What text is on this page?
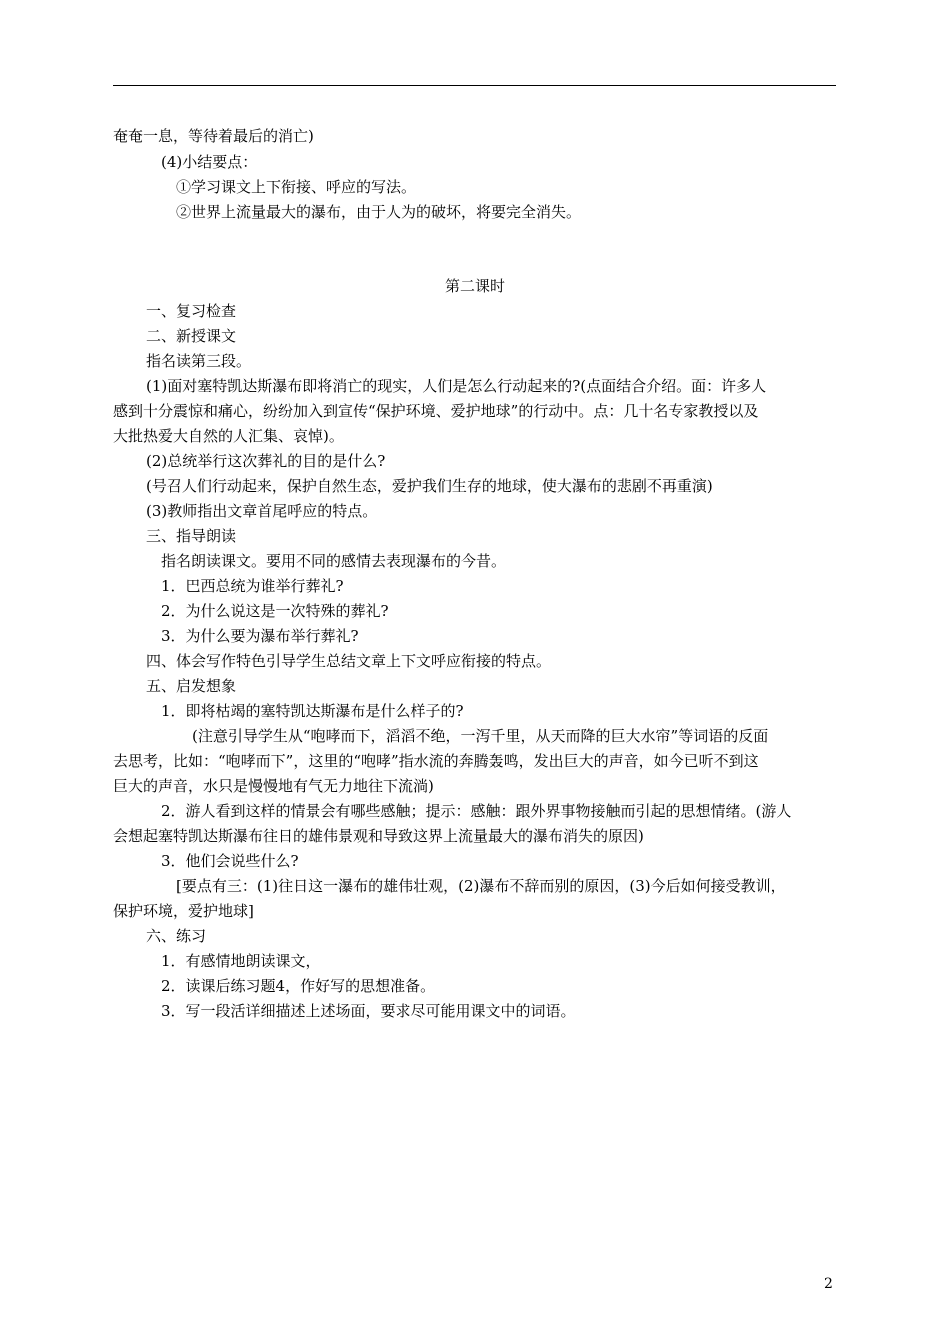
奄奄一息，等待着最后的消亡)
(4)小结要点：
①学习课文上下衔接、呼应的写法。
②世界上流量最大的瀑布，由于人为的破坏，将要完全消失。
第二课时
一、复习检查
二、新授课文
指名读第三段。
(1)面对塞特凯达斯瀑布即将消亡的现实，人们是怎么行动起来的?(点面结合介绍。面：许多人
感到十分震惊和痛心，纷纷加入到宣传“保护环境、爱护地球”的行动中。点：几十名专家教授以及
大批热爱大自然的人汇集、哀悼)。
(2)总统举行这次葬礼的目的是什么?
(号召人们行动起来，保护自然生态，爱护我们生存的地球，使大瀑布的悲剧不再重演)
(3)教师指出文章首尾呼应的特点。
三、指导朗读
指名朗读课文。要用不同的感情去表现瀑布的今昔。
1．巴西总统为谁举行葬礼?
2．为什么说这是一次特殊的葬礼?
3．为什么要为瀑布举行葬礼?
四、体会写作特色引导学生总结文章上下文呼应衔接的特点。
五、启发想象
1．即将枯竭的塞特凯达斯瀑布是什么样子的?
(注意引导学生从“咆哮而下，滔滔不绝，一泻千里，从天而降的巨大水帘”等词语的反面
去思考，比如：“咆哮而下”，这里的“咆哮”指水流的奔腾轰鸣，发出巨大的声音，如今已听不到这
巨大的声音，水只是慢慢地有气无力地往下流淌)
2．游人看到这样的情景会有哪些感触；提示：感触：跟外界事物接触而引起的思想情绪。(游人
会想起塞特凯达斯瀑布往日的雄伟景观和导致这界上流量最大的瀑布消失的原因)
3．他们会说些什么?
[要点有三：(1)往日这一瀑布的雄伟壮观，(2)瀑布不辞而别的原因，(3)今后如何接受教训，
保护环境，爱护地球]
六、练习
1．有感情地朗读课文，
2．读课后练习题4，作好写的思想准备。
3．写一段活详细描述上述场面，要求尽可能用课文中的词语。
2
